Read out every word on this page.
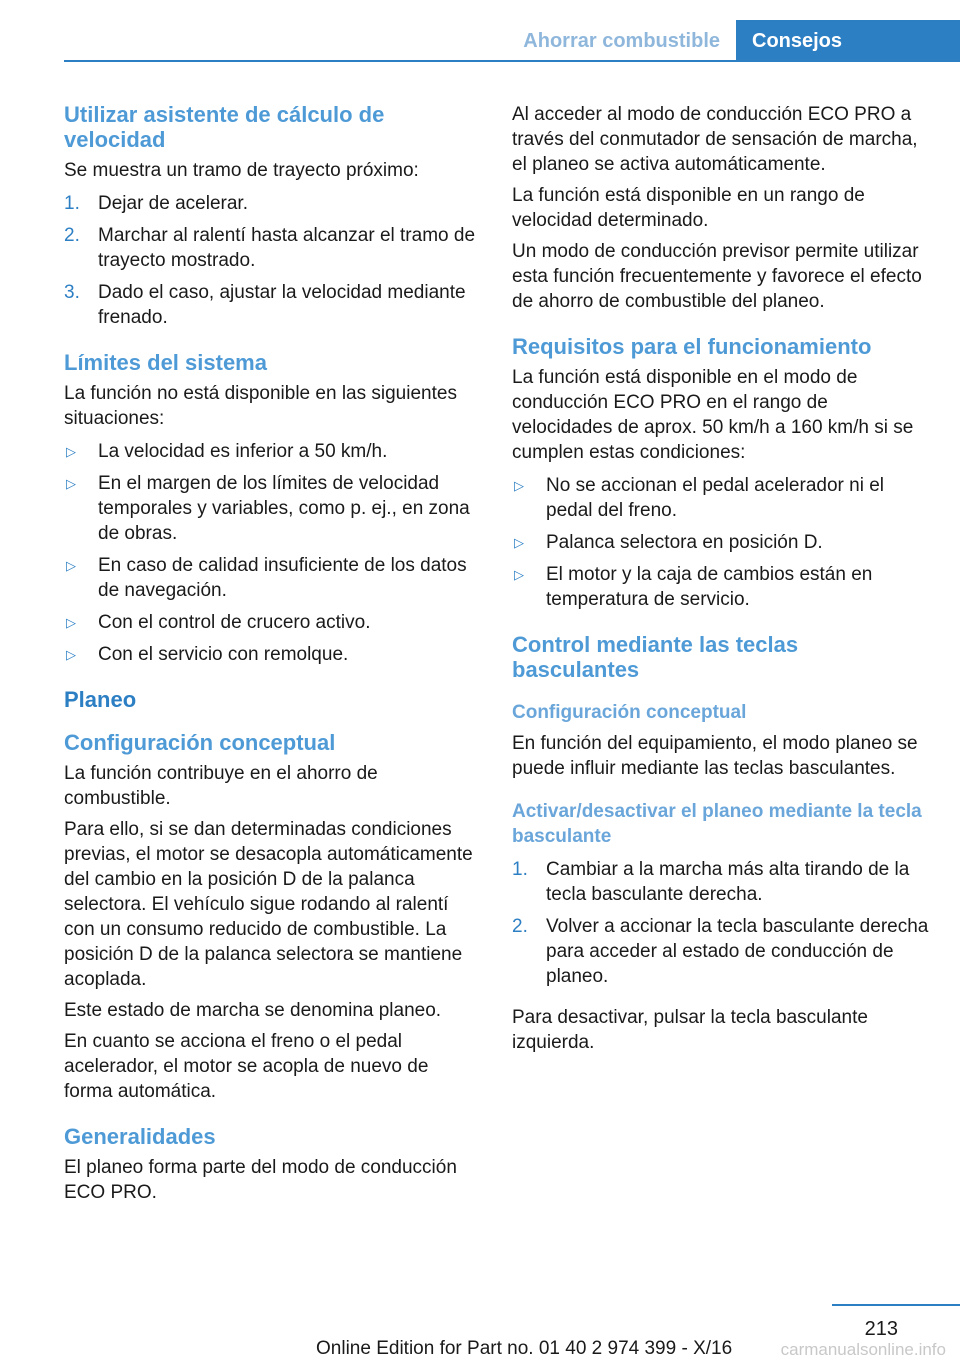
Ahorrar combustible	Consejos
Utilizar asistente de cálculo de velocidad

Se muestra un tramo de trayecto próximo:

1. Dejar de acelerar.
2. Marchar al ralentí hasta alcanzar el tramo de trayecto mostrado.
3. Dado el caso, ajustar la velocidad mediante frenado.
Límites del sistema

La función no está disponible en las siguientes situaciones:

▷ La velocidad es inferior a 50 km/h.
▷ En el margen de los límites de velocidad temporales y variables, como p. ej., en zona de obras.
▷ En caso de calidad insuficiente de los datos de navegación.
▷ Con el control de crucero activo.
▷ Con el servicio con remolque.
Planeo
Configuración conceptual

La función contribuye en el ahorro de combustible.

Para ello, si se dan determinadas condiciones previas, el motor se desacopla automáticamente del cambio en la posición D de la palanca selectora. El vehículo sigue rodando al ralentí con un consumo reducido de combustible. La posición D de la palanca selectora se mantiene acoplada.

Este estado de marcha se denomina planeo.

En cuanto se acciona el freno o el pedal acelerador, el motor se acopla de nuevo de forma automática.

Generalidades

El planeo forma parte del modo de conducción ECO PRO.

Al acceder al modo de conducción ECO PRO a través del conmutador de sensación de marcha, el planeo se activa automáticamente.

La función está disponible en un rango de velocidad determinado.

Un modo de conducción previsor permite utilizar esta función frecuentemente y favorece el efecto de ahorro de combustible del planeo.

Requisitos para el funcionamiento

La función está disponible en el modo de conducción ECO PRO en el rango de velocidades de aprox. 50 km/h a 160 km/h si se cumplen estas condiciones:

▷ No se accionan el pedal acelerador ni el pedal del freno.
▷ Palanca selectora en posición D.
▷ El motor y la caja de cambios están en temperatura de servicio.
Control mediante las teclas basculantes
Configuración conceptual

En función del equipamiento, el modo planeo se puede influir mediante las teclas basculantes.

Activar/desactivar el planeo mediante la tecla basculante
1. Cambiar a la marcha más alta tirando de la tecla basculante derecha.
2. Volver a accionar la tecla basculante derecha para acceder al estado de conducción de planeo.

Para desactivar, pulsar la tecla basculante izquierda.

213
Online Edition for Part no. 01 40 2 974 399 - X/16	carmanualsonline.info
